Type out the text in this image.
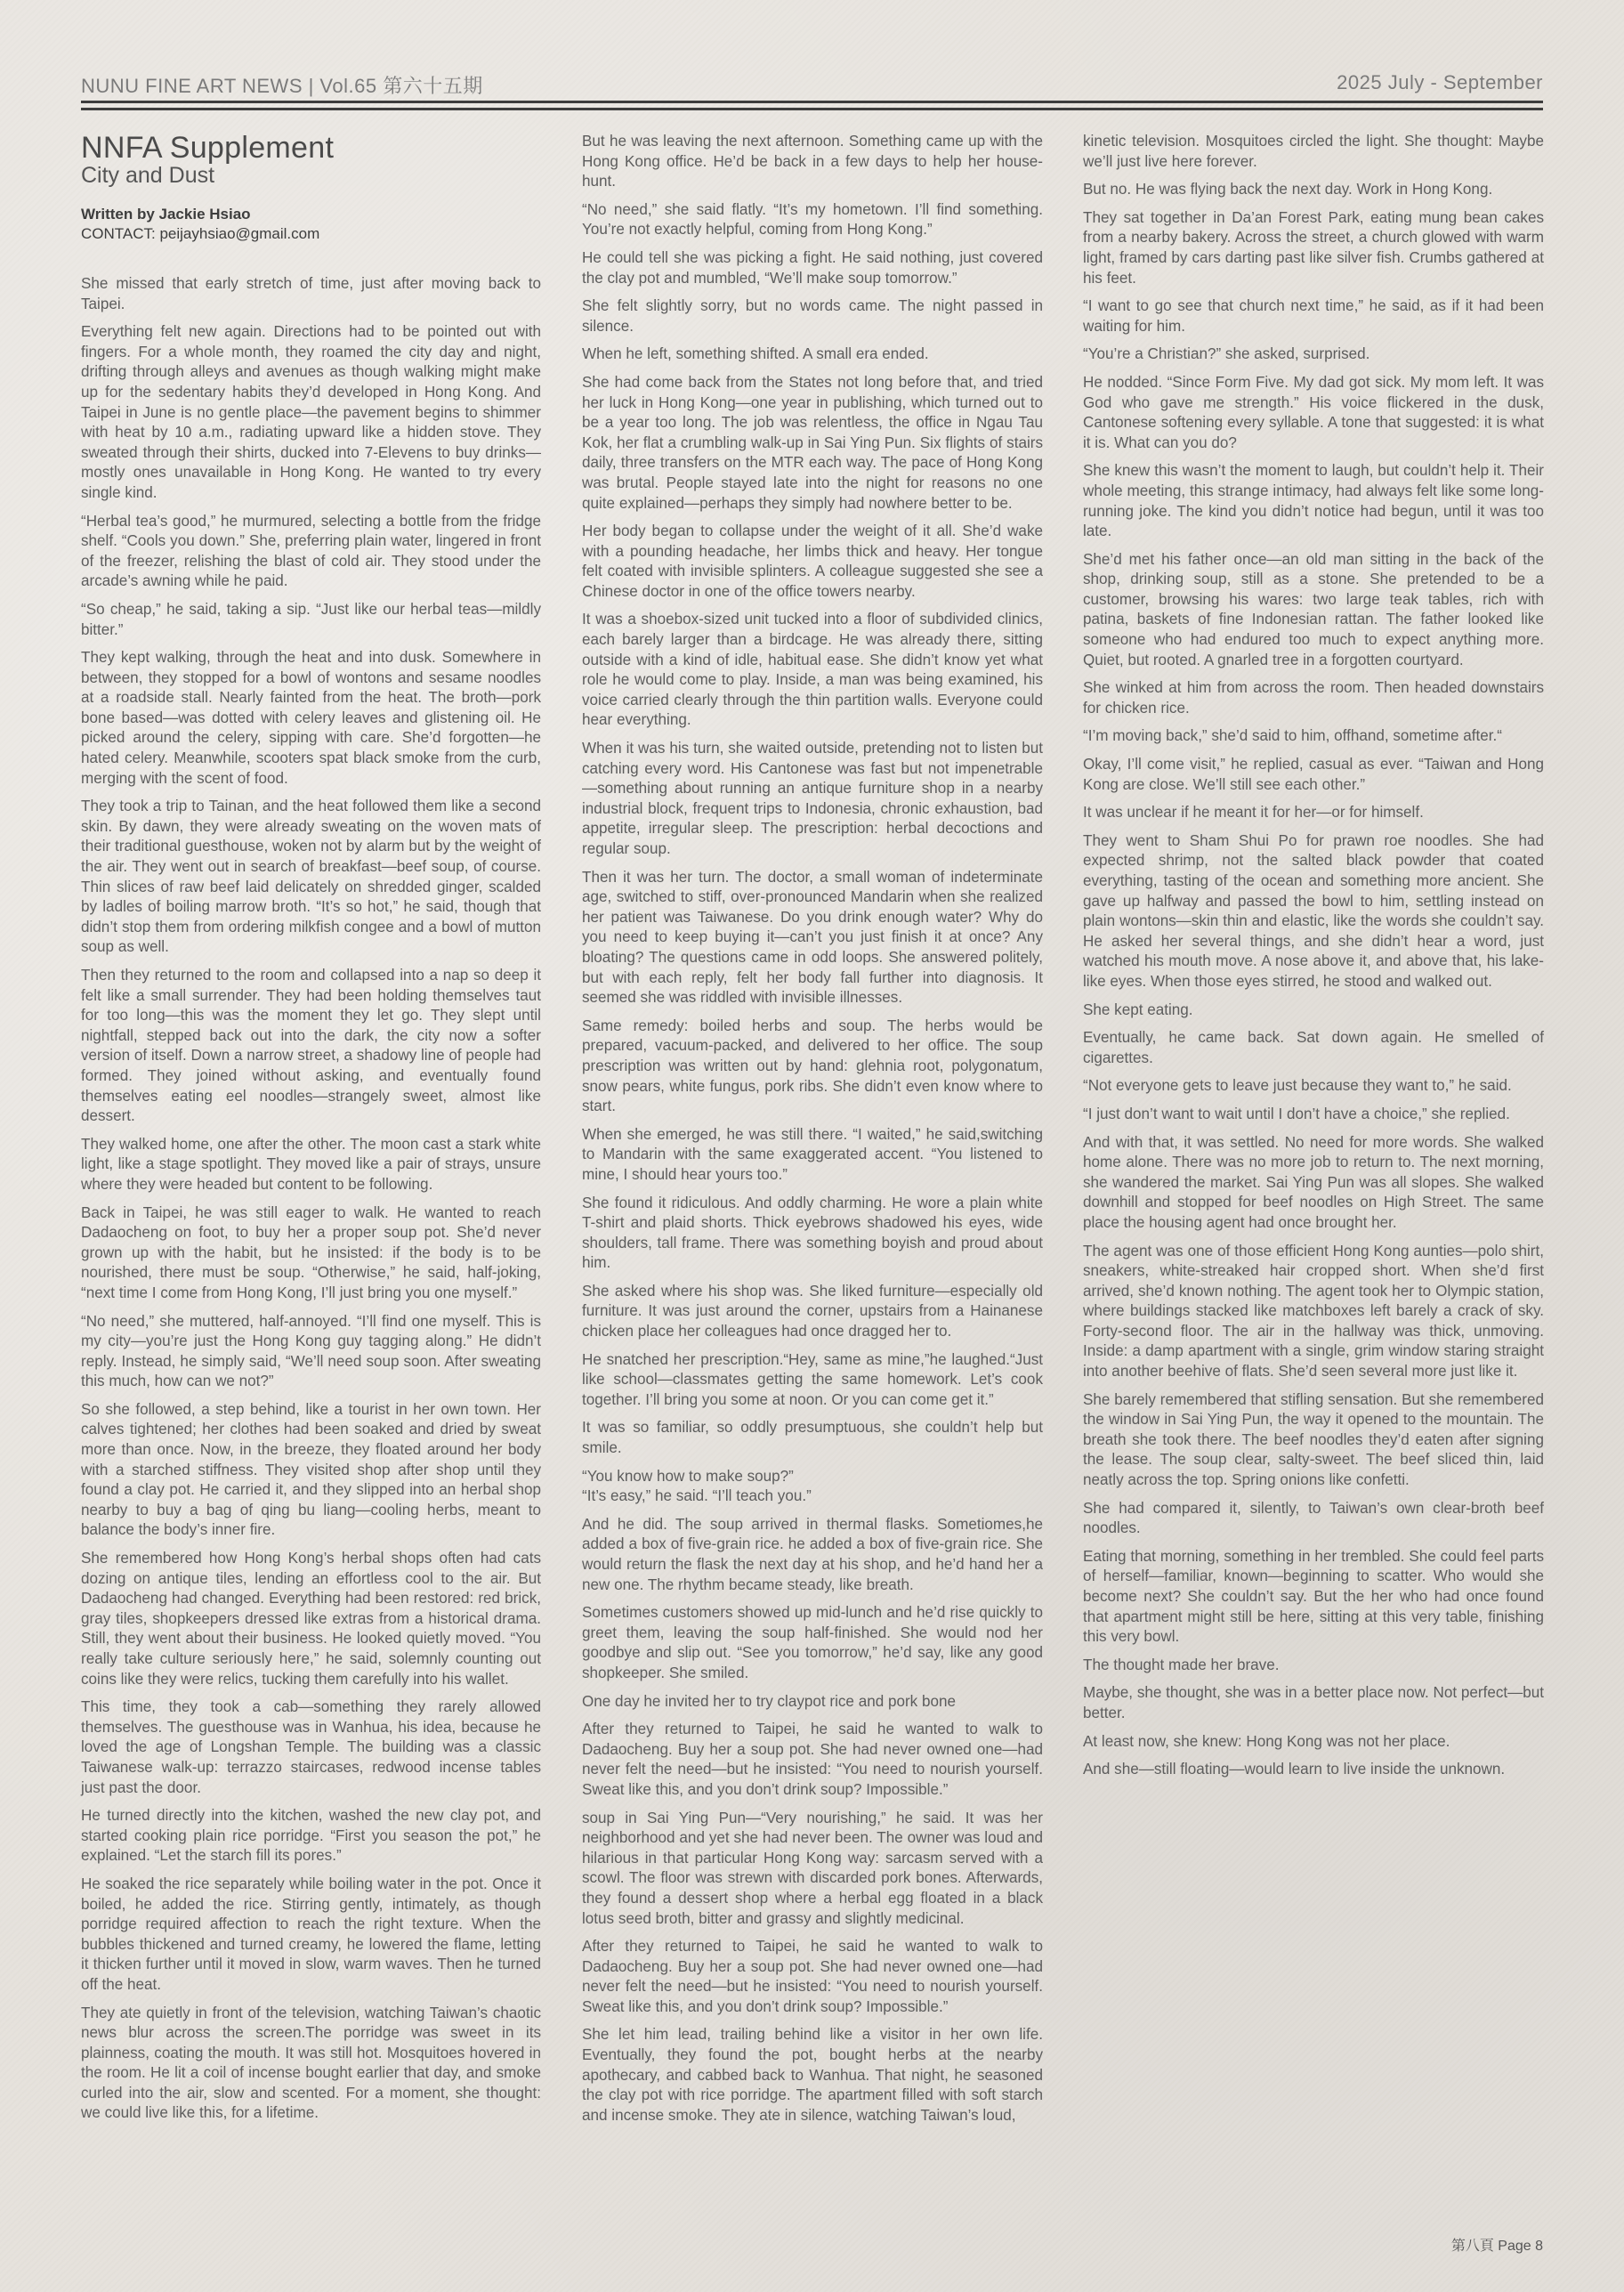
NUNU FINE ART NEWS | Vol.65 第六十五期	2025 July - September
NNFA Supplement
City and Dust
Written by Jackie Hsiao
CONTACT: peijayhsiao@gmail.com

She missed that early stretch of time, just after moving back to Taipei.

Everything felt new again. Directions had to be pointed out with fingers. For a whole month, they roamed the city day and night, drifting through alleys and avenues as though walking might make up for the sedentary habits they’d developed in Hong Kong. And Taipei in June is no gentle place—the pavement begins to shimmer with heat by 10 a.m., radiating upward like a hidden stove. They sweated through their shirts, ducked into 7-Elevens to buy drinks—mostly ones unavailable in Hong Kong. He wanted to try every single kind.

“Herbal tea’s good,” he murmured, selecting a bottle from the fridge shelf. “Cools you down.” She, preferring plain water, lingered in front of the freezer, relishing the blast of cold air. They stood under the arcade’s awning while he paid.

“So cheap,” he said, taking a sip. “Just like our herbal teas—mildly bitter.”

They kept walking, through the heat and into dusk. Somewhere in between, they stopped for a bowl of wontons and sesame noodles at a roadside stall. Nearly fainted from the heat. The broth—pork bone based—was dotted with celery leaves and glistening oil. He picked around the celery, sipping with care. She’d forgotten—he hated celery. Meanwhile, scooters spat black smoke from the curb, merging with the scent of food.

They took a trip to Tainan, and the heat followed them like a second skin. By dawn, they were already sweating on the woven mats of their traditional guesthouse, woken not by alarm but by the weight of the air. They went out in search of breakfast—beef soup, of course. Thin slices of raw beef laid delicately on shredded ginger, scalded by ladles of boiling marrow broth. “It’s so hot,” he said, though that didn’t stop them from ordering milkfish congee and a bowl of mutton soup as well.

Then they returned to the room and collapsed into a nap so deep it felt like a small surrender. They had been holding themselves taut for too long—this was the moment they let go. They slept until nightfall, stepped back out into the dark, the city now a softer version of itself. Down a narrow street, a shadowy line of people had formed. They joined without asking, and eventually found themselves eating eel noodles—strangely sweet, almost like dessert.

They walked home, one after the other. The moon cast a stark white light, like a stage spotlight. They moved like a pair of strays, unsure where they were headed but content to be following.

Back in Taipei, he was still eager to walk. He wanted to reach Dadaocheng on foot, to buy her a proper soup pot. She’d never grown up with the habit, but he insisted: if the body is to be nourished, there must be soup. “Otherwise,” he said, half-joking, “next time I come from Hong Kong, I’ll just bring you one myself.”

“No need,” she muttered, half-annoyed. “I’ll find one myself. This is my city—you’re just the Hong Kong guy tagging along.” He didn’t reply. Instead, he simply said, “We’ll need soup soon. After sweating this much, how can we not?”

So she followed, a step behind, like a tourist in her own town. Her calves tightened; her clothes had been soaked and dried by sweat more than once. Now, in the breeze, they floated around her body with a starched stiffness. They visited shop after shop until they found a clay pot. He carried it, and they slipped into an herbal shop nearby to buy a bag of qing bu liang—cooling herbs, meant to balance the body’s inner fire.

She remembered how Hong Kong’s herbal shops often had cats dozing on antique tiles, lending an effortless cool to the air. But Dadaocheng had changed. Everything had been restored: red brick, gray tiles, shopkeepers dressed like extras from a historical drama. Still, they went about their business. He looked quietly moved. “You really take culture seriously here,” he said, solemnly counting out coins like they were relics, tucking them carefully into his wallet.

This time, they took a cab—something they rarely allowed themselves. The guesthouse was in Wanhua, his idea, because he loved the age of Longshan Temple. The building was a classic Taiwanese walk-up: terrazzo staircases, redwood incense tables just past the door.

He turned directly into the kitchen, washed the new clay pot, and started cooking plain rice porridge. “First you season the pot,” he explained. “Let the starch fill its pores.”

He soaked the rice separately while boiling water in the pot. Once it boiled, he added the rice. Stirring gently, intimately, as though porridge required affection to reach the right texture. When the bubbles thickened and turned creamy, he lowered the flame, letting it thicken further until it moved in slow, warm waves. Then he turned off the heat.

They ate quietly in front of the television, watching Taiwan’s chaotic news blur across the screen.The porridge was sweet in its plainness, coating the mouth. It was still hot. Mosquitoes hovered in the room. He lit a coil of incense bought earlier that day, and smoke curled into the air, slow and scented. For a moment, she thought: we could live like this, for a lifetime.

But he was leaving the next afternoon. Something came up with the Hong Kong office. He’d be back in a few days to help her house-hunt.

“No need,” she said flatly. “It’s my hometown. I’ll find something. You’re not exactly helpful, coming from Hong Kong.”

He could tell she was picking a fight. He said nothing, just covered the clay pot and mumbled, “We’ll make soup tomorrow.”

She felt slightly sorry, but no words came. The night passed in silence.

When he left, something shifted. A small era ended.

She had come back from the States not long before that, and tried her luck in Hong Kong—one year in publishing, which turned out to be a year too long. The job was relentless, the office in Ngau Tau Kok, her flat a crumbling walk-up in Sai Ying Pun. Six flights of stairs daily, three transfers on the MTR each way. The pace of Hong Kong was brutal. People stayed late into the night for reasons no one quite explained—perhaps they simply had nowhere better to be.

Her body began to collapse under the weight of it all. She’d wake with a pounding headache, her limbs thick and heavy. Her tongue felt coated with invisible splinters. A colleague suggested she see a Chinese doctor in one of the office towers nearby.

It was a shoebox-sized unit tucked into a floor of subdivided clinics, each barely larger than a birdcage. He was already there, sitting outside with a kind of idle, habitual ease. She didn’t know yet what role he would come to play. Inside, a man was being examined, his voice carried clearly through the thin partition walls. Everyone could hear everything.

When it was his turn, she waited outside, pretending not to listen but catching every word. His Cantonese was fast but not impenetrable—something about running an antique furniture shop in a nearby industrial block, frequent trips to Indonesia, chronic exhaustion, bad appetite, irregular sleep. The prescription: herbal decoctions and regular soup.

Then it was her turn. The doctor, a small woman of indeterminate age, switched to stiff, over-pronounced Mandarin when she realized her patient was Taiwanese. Do you drink enough water? Why do you need to keep buying it—can’t you just finish it at once? Any bloating? The questions came in odd loops. She answered politely, but with each reply, felt her body fall further into diagnosis. It seemed she was riddled with invisible illnesses.

Same remedy: boiled herbs and soup. The herbs would be prepared, vacuum-packed, and delivered to her office. The soup prescription was written out by hand: glehnia root, polygonatum, snow pears, white fungus, pork ribs. She didn’t even know where to start.

When she emerged, he was still there. “I waited,” he said,switching to Mandarin with the same exaggerated accent. “You listened to mine, I should hear yours too.”

She found it ridiculous. And oddly charming. He wore a plain white T-shirt and plaid shorts. Thick eyebrows shadowed his eyes, wide shoulders, tall frame. There was something boyish and proud about him.

She asked where his shop was. She liked furniture—especially old furniture. It was just around the corner, upstairs from a Hainanese chicken place her colleagues had once dragged her to.

He snatched her prescription.“Hey, same as mine,”he laughed.“Just like school—classmates getting the same homework. Let’s cook together. I’ll bring you some at noon. Or you can come get it.”

It was so familiar, so oddly presumptuous, she couldn’t help but smile.

“You know how to make soup?”
“It’s easy,” he said. “I’ll teach you.”

And he did. The soup arrived in thermal flasks. Sometiomes,he added a box of five-grain rice. he added a box of five-grain rice. She would return the flask the next day at his shop, and he’d hand her a new one. The rhythm became steady, like breath.

Sometimes customers showed up mid-lunch and he’d rise quickly to greet them, leaving the soup half-finished. She would nod her goodbye and slip out. “See you tomorrow,” he’d say, like any good shopkeeper. She smiled.

One day he invited her to try claypot rice and pork bone

After they returned to Taipei, he said he wanted to walk to Dadaocheng. Buy her a soup pot. She had never owned one—had never felt the need—but he insisted: “You need to nourish yourself. Sweat like this, and you don’t drink soup? Impossible.”

soup in Sai Ying Pun—“Very nourishing,” he said. It was her neighborhood and yet she had never been. The owner was loud and hilarious in that particular Hong Kong way: sarcasm served with a scowl. The floor was strewn with discarded pork bones. Afterwards, they found a dessert shop where a herbal egg floated in a black lotus seed broth, bitter and grassy and slightly medicinal.

After they returned to Taipei, he said he wanted to walk to Dadaocheng. Buy her a soup pot. She had never owned one—had never felt the need—but he insisted: “You need to nourish yourself. Sweat like this, and you don’t drink soup? Impossible.”

She let him lead, trailing behind like a visitor in her own life. Eventually, they found the pot, bought herbs at the nearby apothecary, and cabbed back to Wanhua. That night, he seasoned the clay pot with rice porridge. The apartment filled with soft starch and incense smoke. They ate in silence, watching Taiwan’s loud,

kinetic television. Mosquitoes circled the light. She thought: Maybe we’ll just live here forever.

But no. He was flying back the next day. Work in Hong Kong.

They sat together in Da’an Forest Park, eating mung bean cakes from a nearby bakery. Across the street, a church glowed with warm light, framed by cars darting past like silver fish. Crumbs gathered at his feet.

“I want to go see that church next time,” he said, as if it had been waiting for him.

“You’re a Christian?” she asked, surprised.

He nodded. “Since Form Five. My dad got sick. My mom left. It was God who gave me strength.” His voice flickered in the dusk, Cantonese softening every syllable. A tone that suggested: it is what it is. What can you do?

She knew this wasn’t the moment to laugh, but couldn’t help it. Their whole meeting, this strange intimacy, had always felt like some long-running joke. The kind you didn’t notice had begun, until it was too late.

She’d met his father once—an old man sitting in the back of the shop, drinking soup, still as a stone. She pretended to be a customer, browsing his wares: two large teak tables, rich with patina, baskets of fine Indonesian rattan. The father looked like someone who had endured too much to expect anything more. Quiet, but rooted. A gnarled tree in a forgotten courtyard.

She winked at him from across the room. Then headed downstairs for chicken rice.

“I’m moving back,” she’d said to him, offhand, sometime after.“

Okay, I’ll come visit,” he replied, casual as ever. “Taiwan and Hong Kong are close. We’ll still see each other.”

It was unclear if he meant it for her—or for himself.

They went to Sham Shui Po for prawn roe noodles. She had expected shrimp, not the salted black powder that coated everything, tasting of the ocean and something more ancient. She gave up halfway and passed the bowl to him, settling instead on plain wontons—skin thin and elastic, like the words she couldn’t say. He asked her several things, and she didn’t hear a word, just watched his mouth move. A nose above it, and above that, his lake-like eyes. When those eyes stirred, he stood and walked out.

She kept eating.

Eventually, he came back. Sat down again. He smelled of cigarettes.

“Not everyone gets to leave just because they want to,” he said.

“I just don’t want to wait until I don’t have a choice,” she replied.

And with that, it was settled. No need for more words. She walked home alone. There was no more job to return to. The next morning, she wandered the market. Sai Ying Pun was all slopes. She walked downhill and stopped for beef noodles on High Street. The same place the housing agent had once brought her.

The agent was one of those efficient Hong Kong aunties—polo shirt, sneakers, white-streaked hair cropped short. When she’d first arrived, she’d known nothing. The agent took her to Olympic station, where buildings stacked like matchboxes left barely a crack of sky. Forty-second floor. The air in the hallway was thick, unmoving. Inside: a damp apartment with a single, grim window staring straight into another beehive of flats. She’d seen several more just like it.

She barely remembered that stifling sensation. But she remembered the window in Sai Ying Pun, the way it opened to the mountain. The breath she took there. The beef noodles they’d eaten after signing the lease. The soup clear, salty-sweet. The beef sliced thin, laid neatly across the top. Spring onions like confetti.

She had compared it, silently, to Taiwan’s own clear-broth beef noodles.

Eating that morning, something in her trembled. She could feel parts of herself—familiar, known—beginning to scatter. Who would she become next? She couldn’t say. But the her who had once found that apartment might still be here, sitting at this very table, finishing this very bowl.

The thought made her brave.

Maybe, she thought, she was in a better place now. Not perfect—but better.

At least now, she knew: Hong Kong was not her place.

And she—still floating—would learn to live inside the unknown.

第八頁 Page 8
